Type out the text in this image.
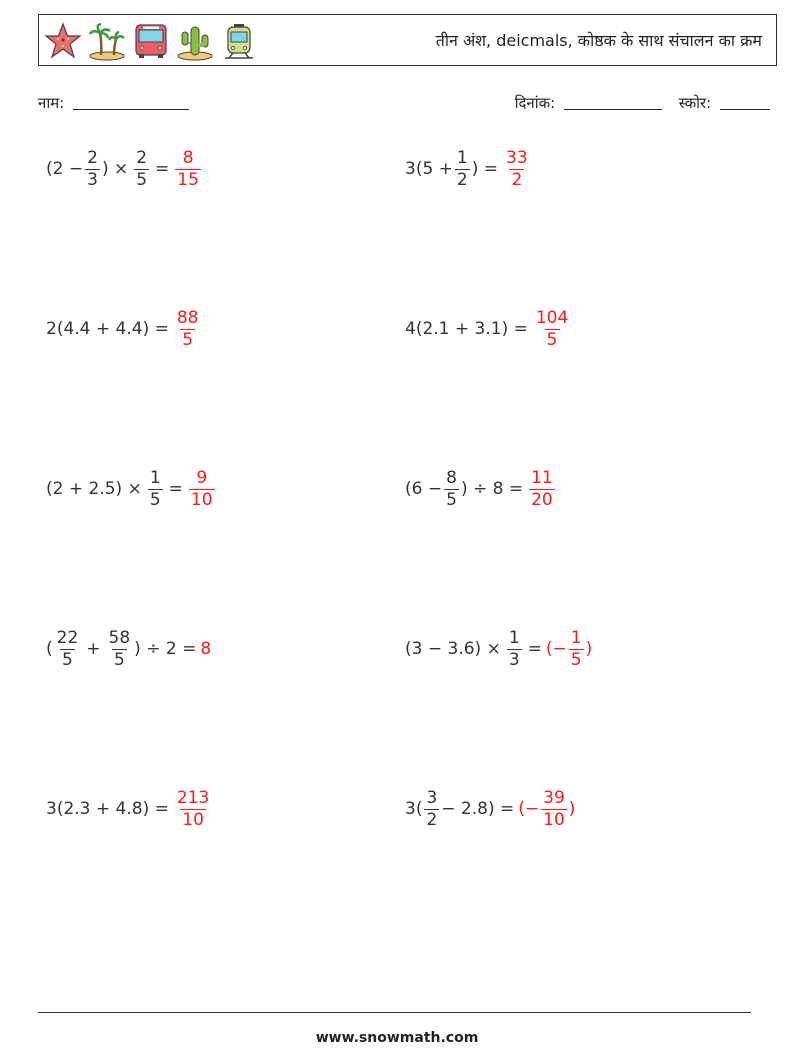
तीन अंश, deicmals, कोष्ठक के साथ संचालन का क्रम
नाम:	दिनांक:	स्कोर:
($2 - \frac{2}{3}$ ) × $\frac{2}{5} = \frac{8}{15}$	$3(5 + \frac{1}{2}$ ) = $\frac{33}{2}$
$2(4.4 + 4.4) = \frac{88}{5}$	$4(2.1 + 3.1) = \frac{104}{5}$
$(2 + 2.5) \times \frac{1}{5} = \frac{9}{10}$	($6 - \frac{8}{5}$ ) ÷ $8 = \frac{11}{20}$
( $\frac{22}{5} + \frac{58}{5}$ ) ÷ 2 = 8	$(3 - 3.6) \times \frac{1}{3}$ = (− $\frac{1}{5}$ )
$3(2.3 + 4.8) = \frac{213}{10}$	$3( \frac{3}{2} - 2.8)$ = (− $\frac{39}{10}$ )
www.snowmath.com
